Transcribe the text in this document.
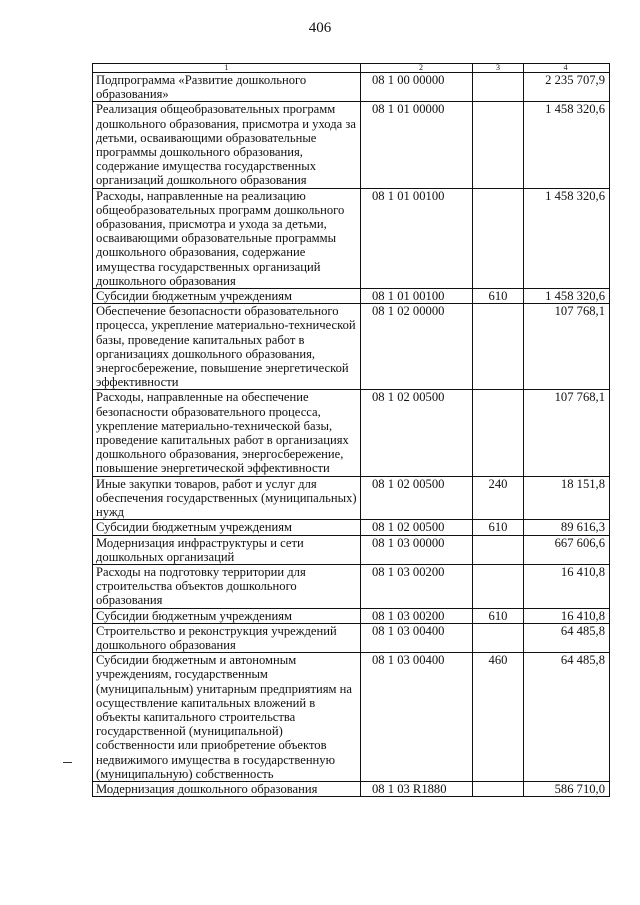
406
1	2	3	4
Подпрограмма «Развитие дошкольного образования»	08 1 00 00000		2 235 707,9
Реализация общеобразовательных программ дошкольного образования, присмотра и ухода за детьми, осваивающими образовательные программы дошкольного образования, содержание имущества государственных организаций дошкольного образования	08 1 01 00000		1 458 320,6
Расходы, направленные на реализацию общеобразовательных программ дошкольного образования, присмотра и ухода за детьми, осваивающими образовательные программы дошкольного образования, содержание имущества государственных организаций дошкольного образования	08 1 01 00100		1 458 320,6
Субсидии бюджетным учреждениям	08 1 01 00100	610	1 458 320,6
Обеспечение безопасности образовательного процесса, укрепление материально-технической базы, проведение капитальных работ в организациях дошкольного образования, энергосбережение, повышение энергетической эффективности	08 1 02 00000		107 768,1
Расходы, направленные на обеспечение безопасности образовательного процесса, укрепление материально-технической базы, проведение капитальных работ в организациях дошкольного образования, энергосбережение, повышение энергетической эффективности	08 1 02 00500		107 768,1
Иные закупки товаров, работ и услуг для обеспечения государственных (муниципальных) нужд	08 1 02 00500	240	18 151,8
Субсидии бюджетным учреждениям	08 1 02 00500	610	89 616,3
Модернизация инфраструктуры и сети дошкольных организаций	08 1 03 00000		667 606,6
Расходы на подготовку территории для строительства объектов дошкольного образования	08 1 03 00200		16 410,8
Субсидии бюджетным учреждениям	08 1 03 00200	610	16 410,8
Строительство и реконструкция учреждений дошкольного образования	08 1 03 00400		64 485,8
Субсидии бюджетным и автономным учреждениям, государственным (муниципальным) унитарным предприятиям на осуществление капитальных вложений в объекты капитального строительства государственной (муниципальной) собственности или приобретение объектов недвижимого имущества в государственную (муниципальную) собственность	08 1 03 00400	460	64 485,8
Модернизация дошкольного образования	08 1 03 R1880		586 710,0
